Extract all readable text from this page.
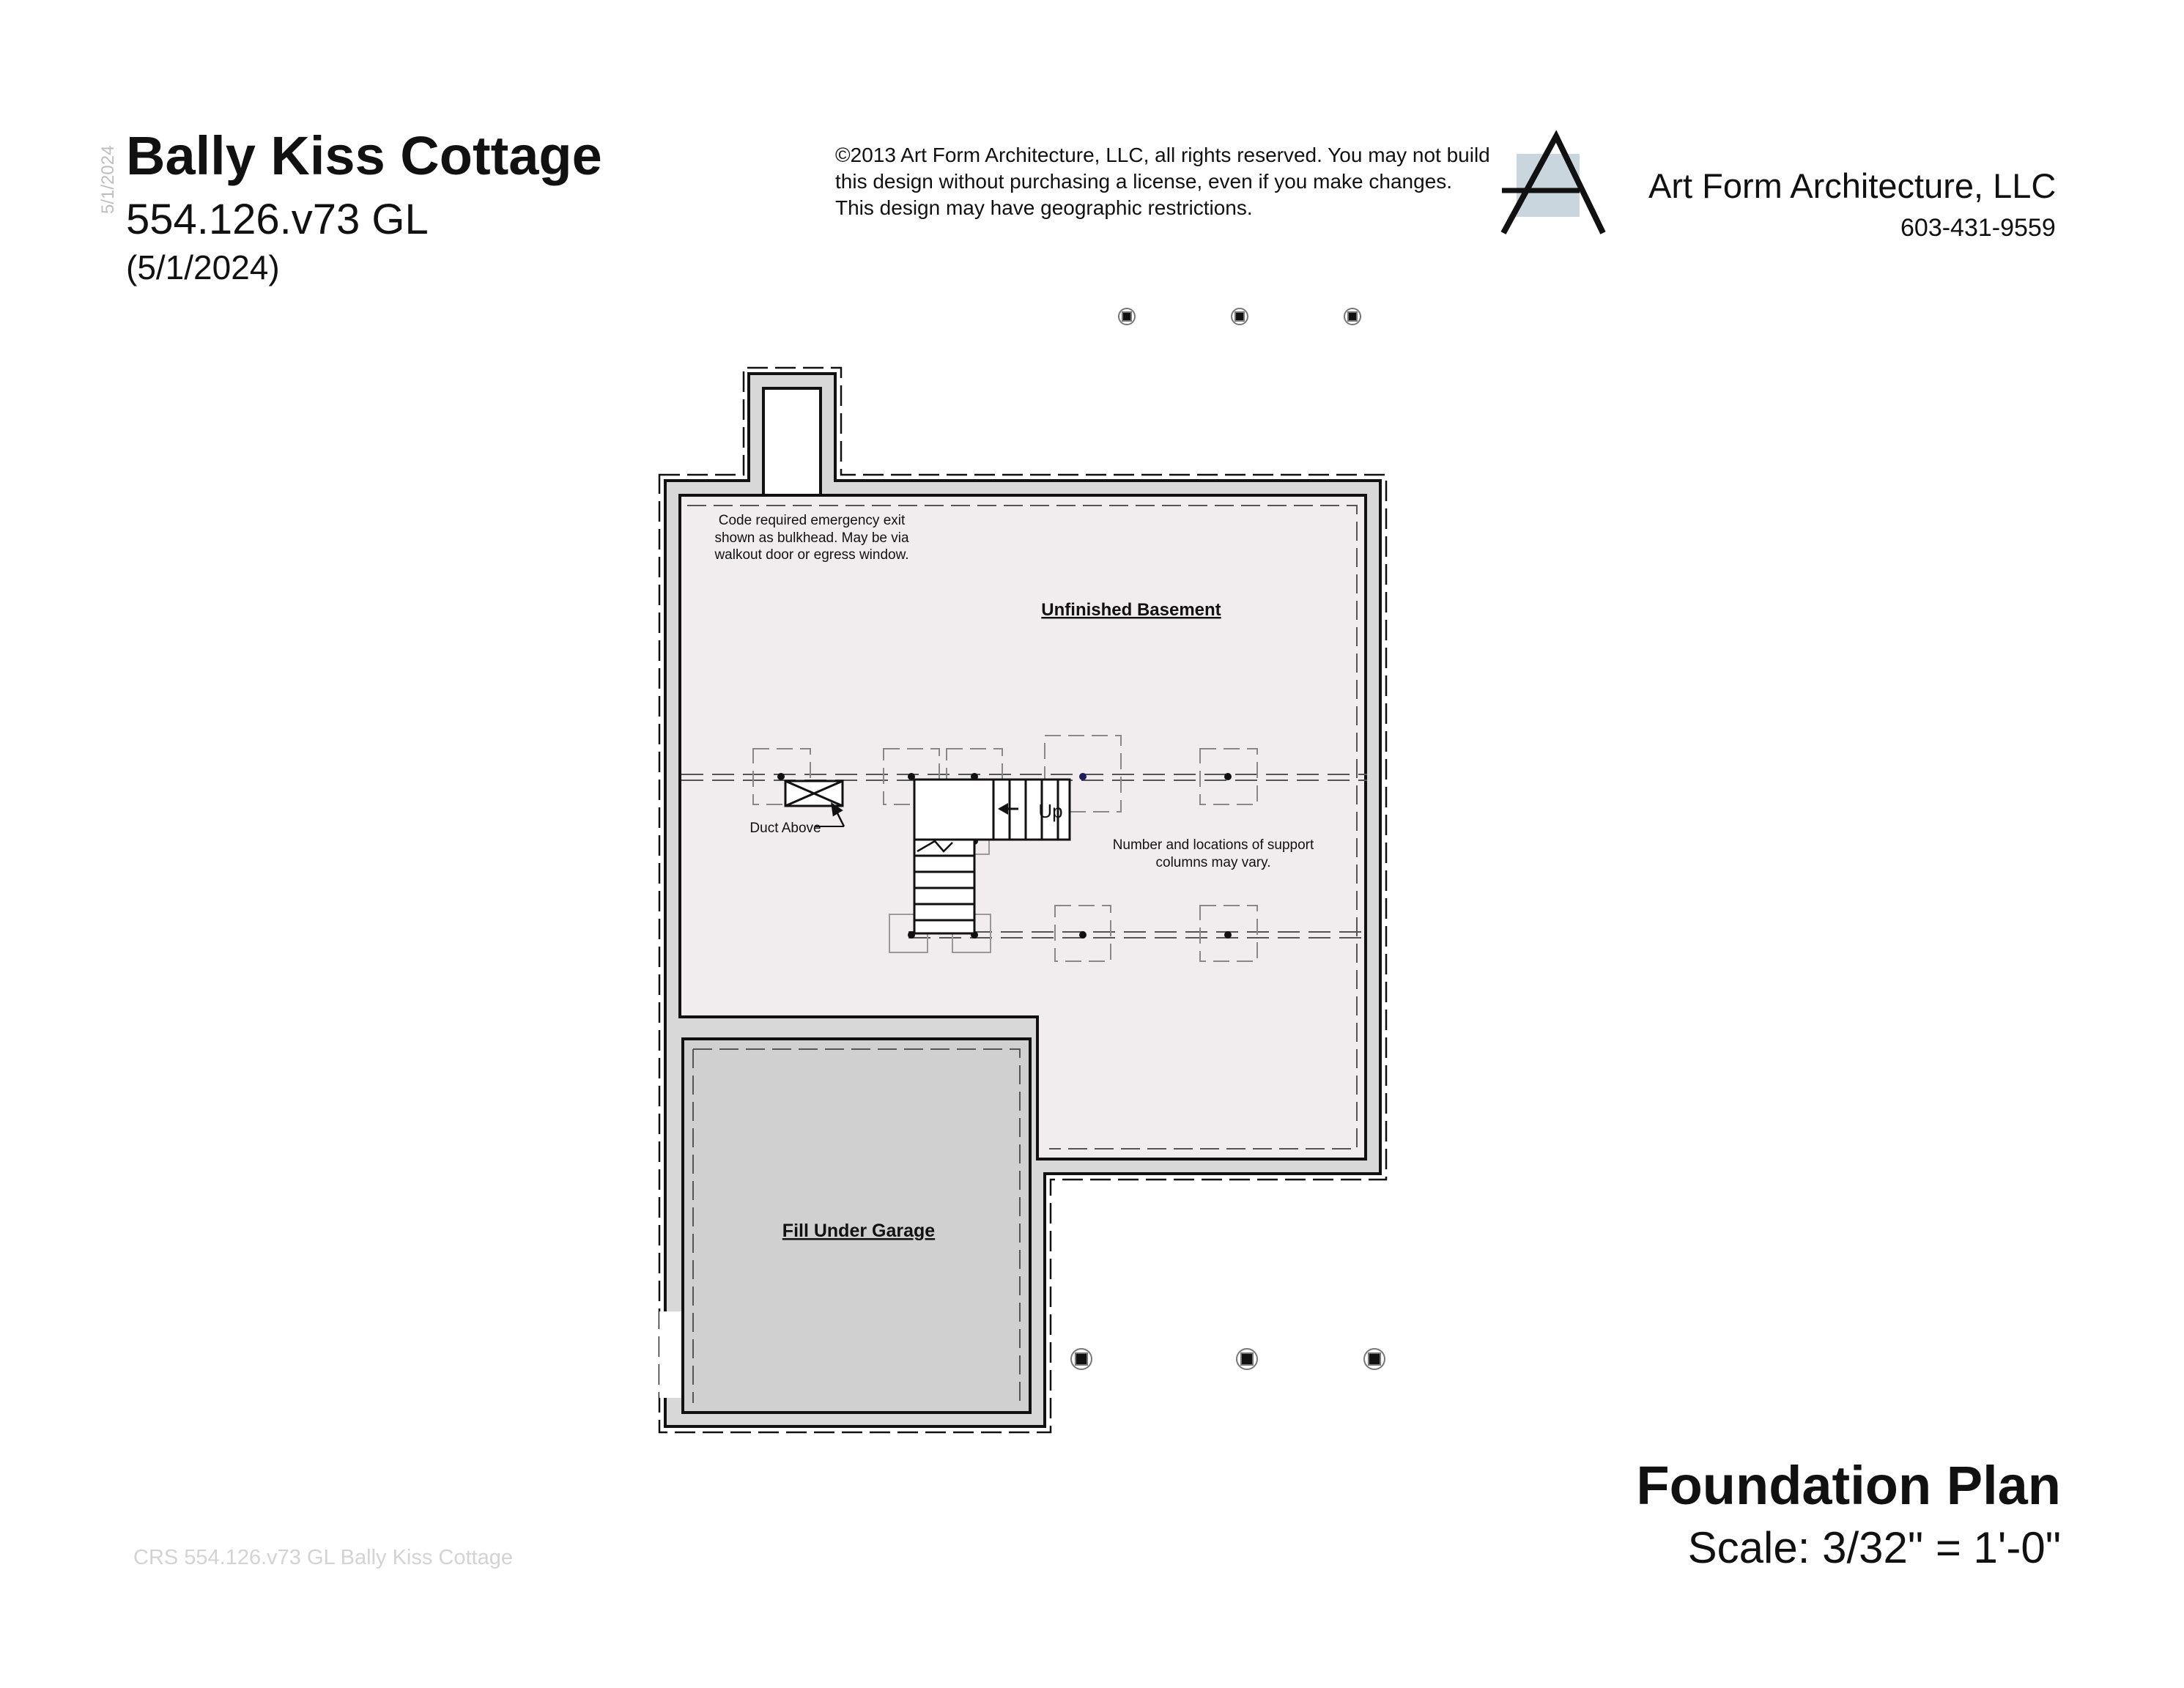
5/1/2024 Bally Kiss Cottage
554.126.v73 GL
(5/1/2024)
©2013 Art Form Architecture, LLC, all rights reserved. You may not build this design without purchasing a license, even if you make changes. This design may have geographic restrictions.
Art Form Architecture, LLC
603-431-9559
Up
Code required emergency exit
shown as bulkhead. May be via
walkout door or egress window.
Number and locations of support
columns may vary.
Duct Above
Unfinished Basement
Fill Under Garage
Foundation Plan
Scale: 3/32" = 1'-0"
CRS 554.126.v73 GL Bally Kiss Cottage
